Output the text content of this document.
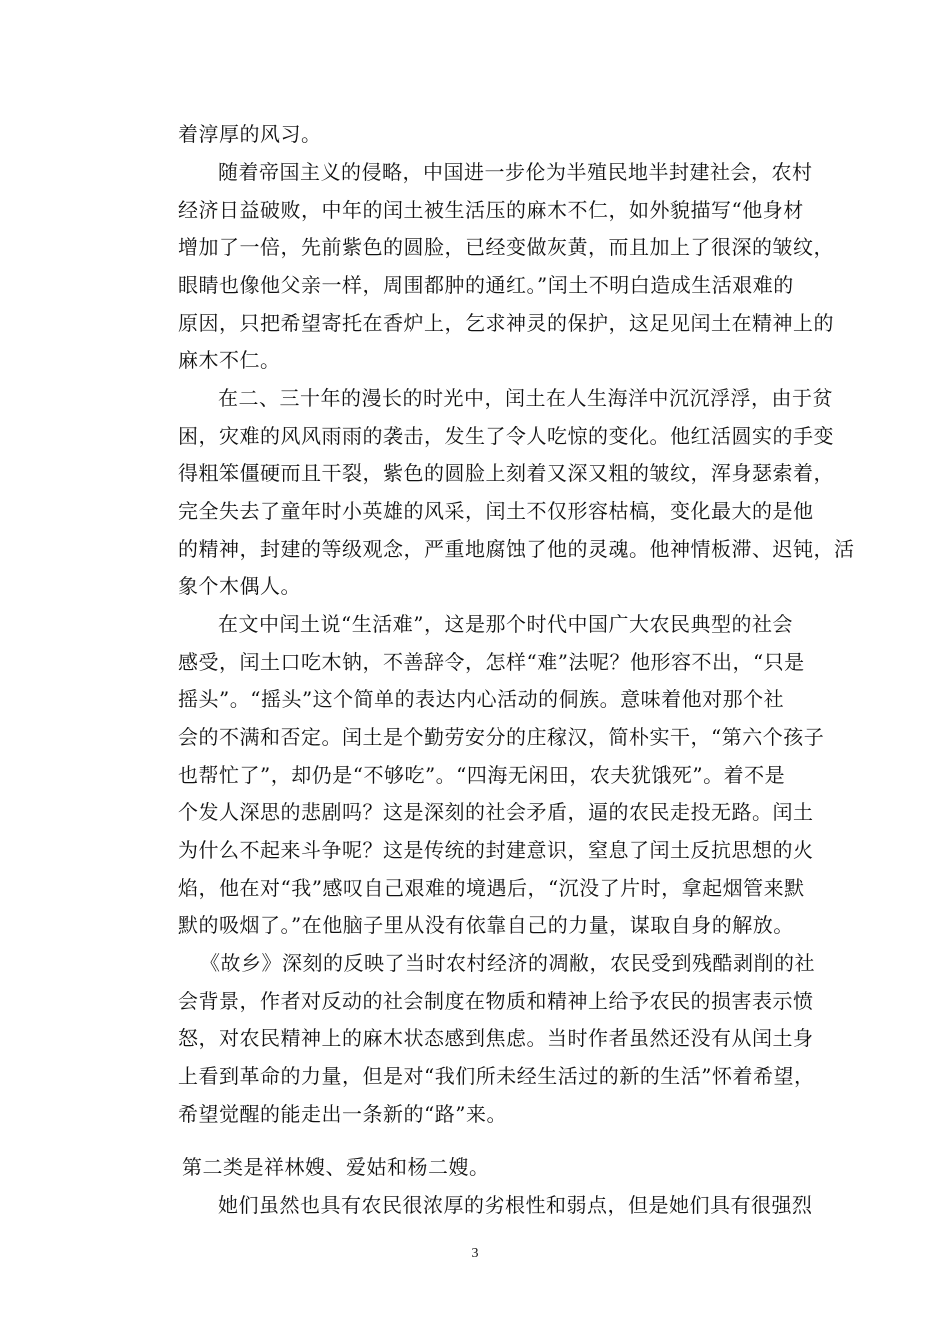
着淳厚的风习。
随着帝国主义的侵略，中国进一步伦为半殖民地半封建社会，农村
经济日益破败，中年的闰土被生活压的麻木不仁，如外貌描写“他身材
增加了一倍，先前紫色的圆脸，已经变做灰黄，而且加上了很深的皱纹，
眼睛也像他父亲一样，周围都肿的通红。”闰土不明白造成生活艰难的
原因，只把希望寄托在香炉上，乞求神灵的保护，这足见闰土在精神上的
麻木不仁。
在二、三十年的漫长的时光中，闰土在人生海洋中沉沉浮浮，由于贫
困，灾难的风风雨雨的袭击，发生了令人吃惊的变化。他红活圆实的手变
得粗笨僵硬而且干裂，紫色的圆脸上刻着又深又粗的皱纹，浑身瑟索着，
完全失去了童年时小英雄的风采，闰土不仅形容枯槁，变化最大的是他
的精神，封建的等级观念，严重地腐蚀了他的灵魂。他神情板滞、迟钝，活
象个木偶人。
在文中闰土说“生活难”，这是那个时代中国广大农民典型的社会
感受，闰土口吃木钠，不善辞令，怎样“难”法呢？他形容不出，“只是
摇头”。“摇头”这个简单的表达内心活动的侗族。意味着他对那个社
会的不满和否定。闰土是个勤劳安分的庄稼汉，简朴实干，“第六个孩子
也帮忙了”，却仍是“不够吃”。“四海无闲田，农夫犹饿死”。着不是
个发人深思的悲剧吗？这是深刻的社会矛盾，逼的农民走投无路。闰土
为什么不起来斗争呢？这是传统的封建意识，窒息了闰土反抗思想的火
焰，他在对“我”感叹自己艰难的境遇后，“沉没了片时，拿起烟管来默
默的吸烟了。”在他脑子里从没有依靠自己的力量，谋取自身的解放。
《故乡》深刻的反映了当时农村经济的凋敝，农民受到残酷剥削的社
会背景，作者对反动的社会制度在物质和精神上给予农民的损害表示愤
怒，对农民精神上的麻木状态感到焦虑。当时作者虽然还没有从闰土身
上看到革命的力量，但是对“我们所未经生活过的新的生活”怀着希望，
希望觉醒的能走出一条新的“路”来。
第二类是祥林嫂、爱姑和杨二嫂。
她们虽然也具有农民很浓厚的劣根性和弱点，但是她们具有很强烈
3
